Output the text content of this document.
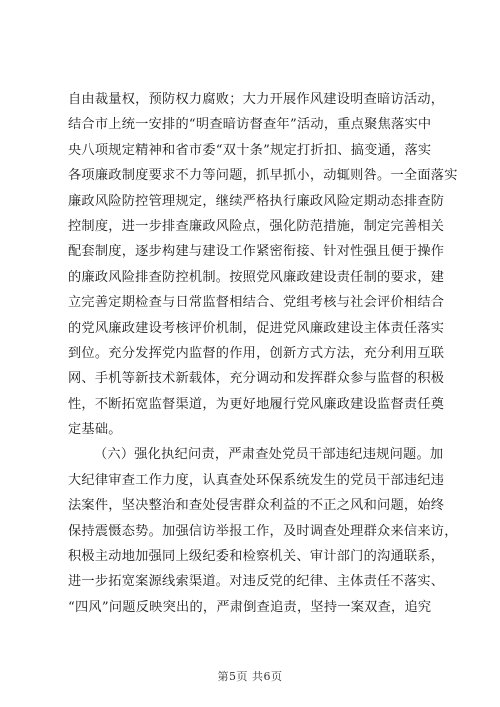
自由裁量权，预防权力腐败；大力开展作风建设明查暗访活动，
结合市上统一安排的“明查暗访督查年”活动，重点聚焦落实中
央八项规定精神和省市委“双十条”规定打折扣、搞变通，落实
各项廉政制度要求不力等问题，抓早抓小，动辄则咎。一全面落实
廉政风险防控管理规定，继续严格执行廉政风险定期动态排查防
控制度，进一步排查廉政风险点，强化防范措施，制定完善相关
配套制度，逐步构建与建设工作紧密衔接、针对性强且便于操作
的廉政风险排查防控机制。按照党风廉政建设责任制的要求，建
立完善定期检查与日常监督相结合、党组考核与社会评价相结合
的党风廉政建设考核评价机制，促进党风廉政建设主体责任落实
到位。充分发挥党内监督的作用，创新方式方法，充分利用互联
网、手机等新技术新载体，充分调动和发挥群众参与监督的积极
性，不断拓宽监督渠道，为更好地履行党风廉政建设监督责任奠
定基础。
（六）强化执纪问责，严肃查处党员干部违纪违规问题。加
大纪律审查工作力度，认真查处环保系统发生的党员干部违纪违
法案件，坚决整治和查处侵害群众利益的不正之风和问题，始终
保持震慑态势。加强信访举报工作，及时调查处理群众来信来访，
积极主动地加强同上级纪委和检察机关、审计部门的沟通联系，
进一步拓宽案源线索渠道。对违反党的纪律、主体责任不落实、
“四风”问题反映突出的，严肃倒查追责，坚持一案双查，追究
第5页 共6页
